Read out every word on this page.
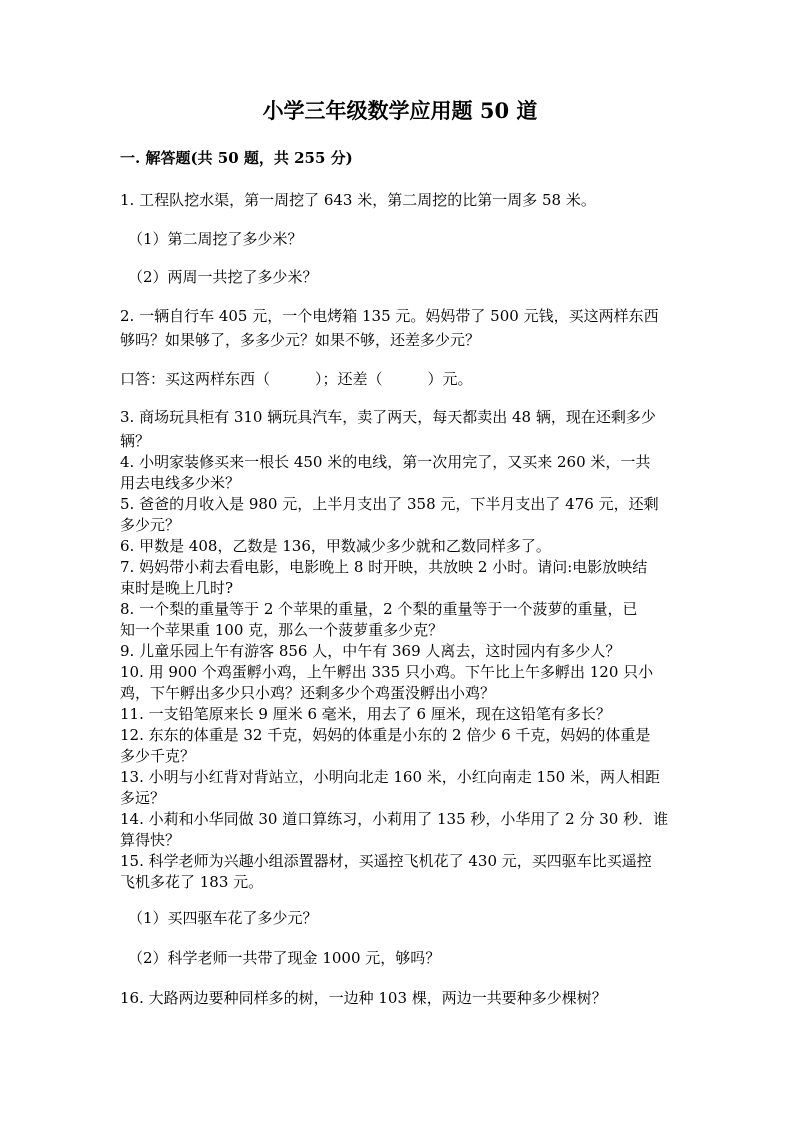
小学三年级数学应用题 50 道
一. 解答题(共 50 题，共 255 分)
1. 工程队挖水渠，第一周挖了 643 米，第二周挖的比第一周多 58 米。
（1）第二周挖了多少米？
（2）两周一共挖了多少米？
2. 一辆自行车 405 元，一个电烤箱 135 元。妈妈带了 500 元钱，买这两样东西
够吗？如果够了，多多少元？如果不够，还差多少元？
口答：买这两样东西（　　　）；还差（　　　）元。
3. 商场玩具柜有 310 辆玩具汽车，卖了两天，每天都卖出 48 辆，现在还剩多少
辆？
4. 小明家装修买来一根长 450 米的电线，第一次用完了，又买来 260 米，一共
用去电线多少米？
5. 爸爸的月收入是 980 元，上半月支出了 358 元，下半月支出了 476 元，还剩
多少元？
6. 甲数是 408，乙数是 136，甲数减少多少就和乙数同样多了。
7. 妈妈带小莉去看电影，电影晚上 8 时开映，共放映 2 小时。请问:电影放映结
束时是晚上几时?
8. 一个梨的重量等于 2 个苹果的重量，2 个梨的重量等于一个菠萝的重量，已
知一个苹果重 100 克，那么一个菠萝重多少克？
9. 儿童乐园上午有游客 856 人，中午有 369 人离去，这时园内有多少人？
10. 用 900 个鸡蛋孵小鸡，上午孵出 335 只小鸡。下午比上午多孵出 120 只小
鸡，下午孵出多少只小鸡？还剩多少个鸡蛋没孵出小鸡？
11. 一支铅笔原来长 9 厘米 6 毫米，用去了 6 厘米，现在这铅笔有多长？
12. 东东的体重是 32 千克，妈妈的体重是小东的 2 倍少 6 千克，妈妈的体重是
多少千克？
13. 小明与小红背对背站立，小明向北走 160 米，小红向南走 150 米，两人相距
多远？
14. 小莉和小华同做 30 道口算练习，小莉用了 135 秒，小华用了 2 分 30 秒．谁
算得快？
15. 科学老师为兴趣小组添置器材，买遥控飞机花了 430 元，买四驱车比买遥控
飞机多花了 183 元。
（1）买四驱车花了多少元？
（2）科学老师一共带了现金 1000 元，够吗？
16. 大路两边要种同样多的树，一边种 103 棵，两边一共要种多少棵树？
